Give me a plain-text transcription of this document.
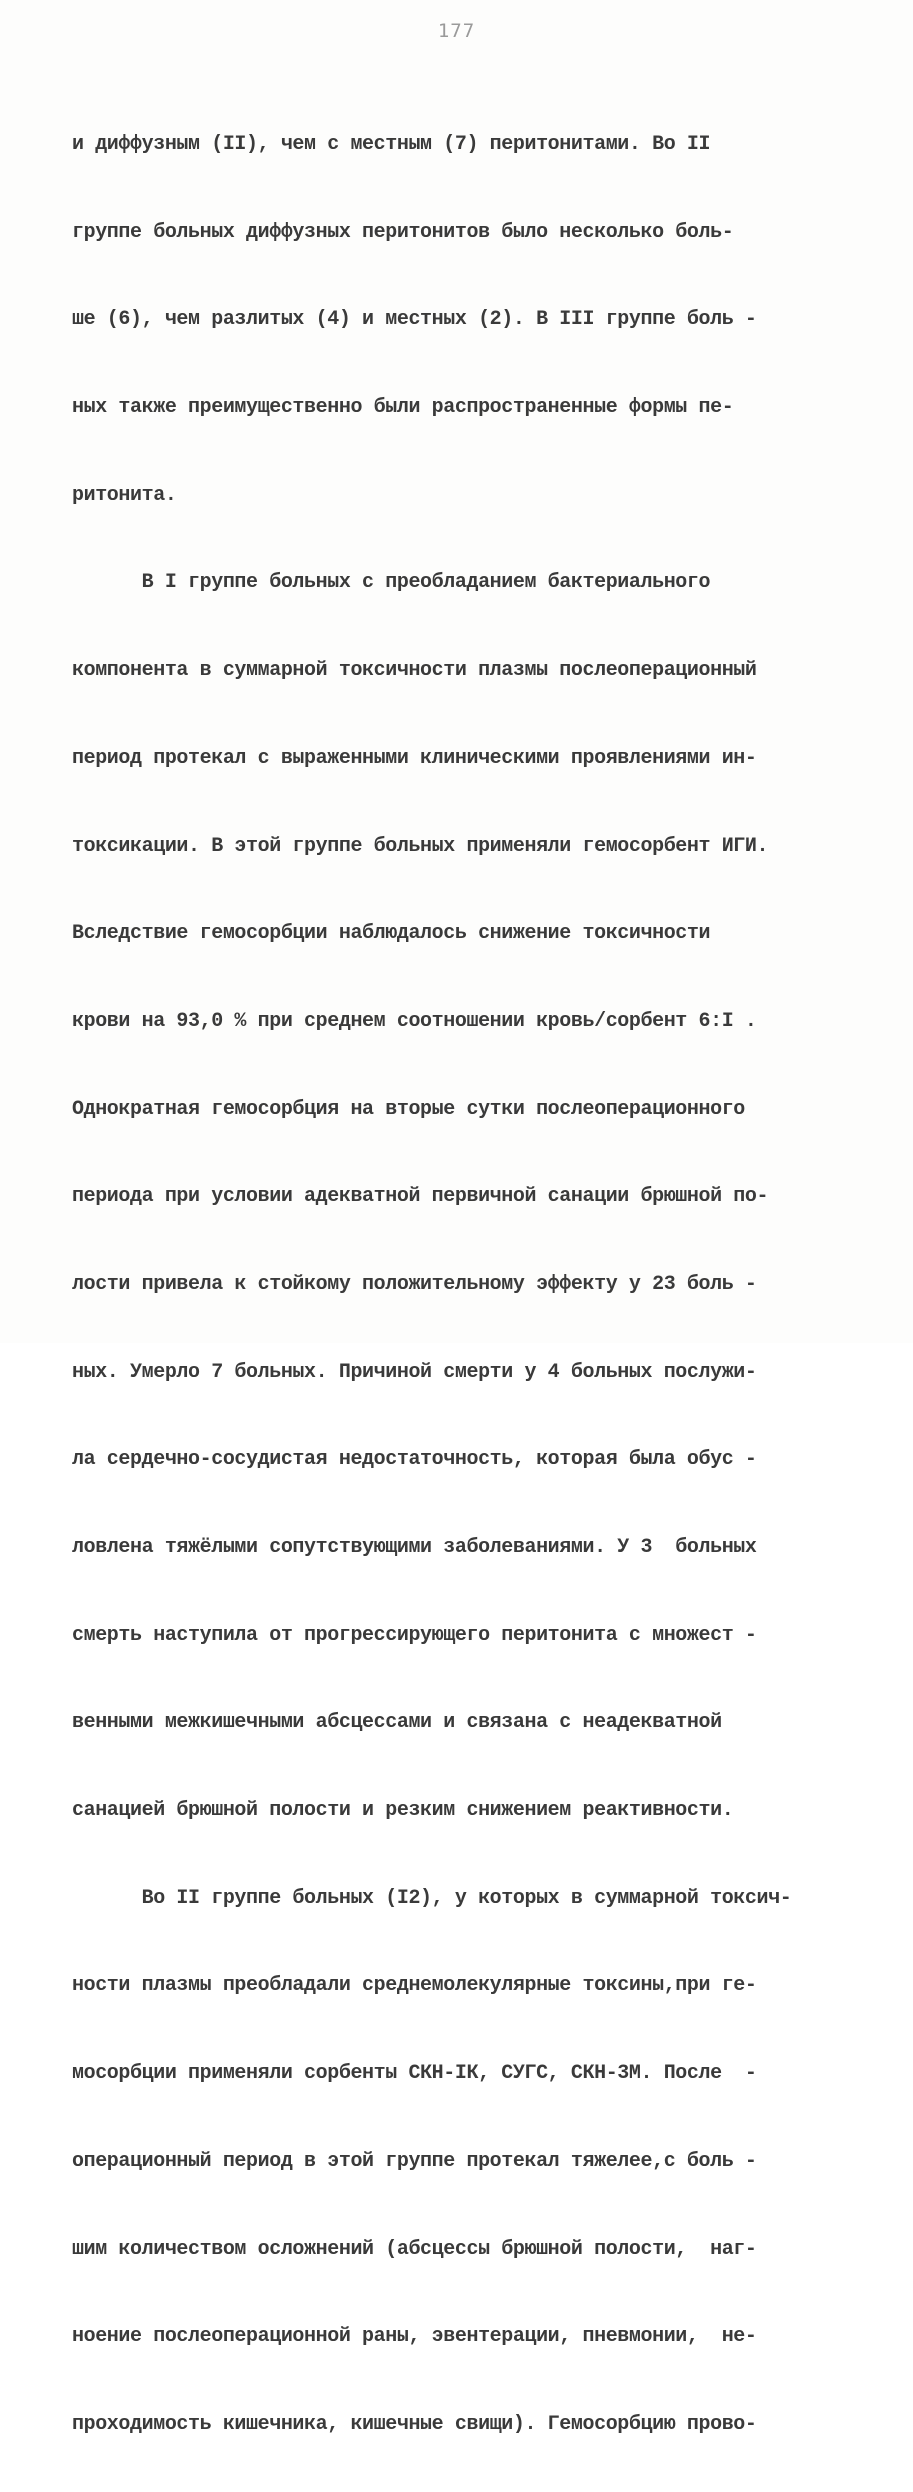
177

и диффузным (II), чем с местным (7) перитонитами. Во II

группе больных диффузных перитонитов было несколько боль-

ше (6), чем разлитых (4) и местных (2). В III группе боль -

ных также преимущественно были распространенные формы пе-

ритонита.

В I группе больных с преобладанием бактериального

компонента в суммарной токсичности плазмы послеоперационный

период протекал с выраженными клиническими проявлениями ин-

токсикации. В этой группе больных применяли гемосорбент ИГИ.

Вследствие гемосорбции наблюдалось снижение токсичности

крови на 93,0 % при среднем соотношении кровь/сорбент 6:I .

Однократная гемосорбция на вторые сутки послеоперационного

периода при условии адекватной первичной санации брюшной по-

лости привела к стойкому положительному эффекту у 23 боль -

ных. Умерло 7 больных. Причиной смерти у 4 больных послужи-

ла сердечно-сосудистая недостаточность, которая была обус -

ловлена тяжёлыми сопутствующими заболеваниями. У 3  больных

смерть наступила от прогрессирующего перитонита с множест -

венными межкишечными абсцессами и связана с неадекватной

санацией брюшной полости и резким снижением реактивности.

Во II группе больных (I2), у которых в суммарной токсич-

ности плазмы преобладали среднемолекулярные токсины,при ге-

мосорбции применяли сорбенты СКН-IК, СУГС, СКН-3М. После  -

операционный период в этой группе протекал тяжелее,с боль -

шим количеством осложнений (абсцессы брюшной полости,  наг-

ноение послеоперационной раны, эвентерации, пневмонии,  не-

проходимость кишечника, кишечные свищи). Гемосорбцию прово-
